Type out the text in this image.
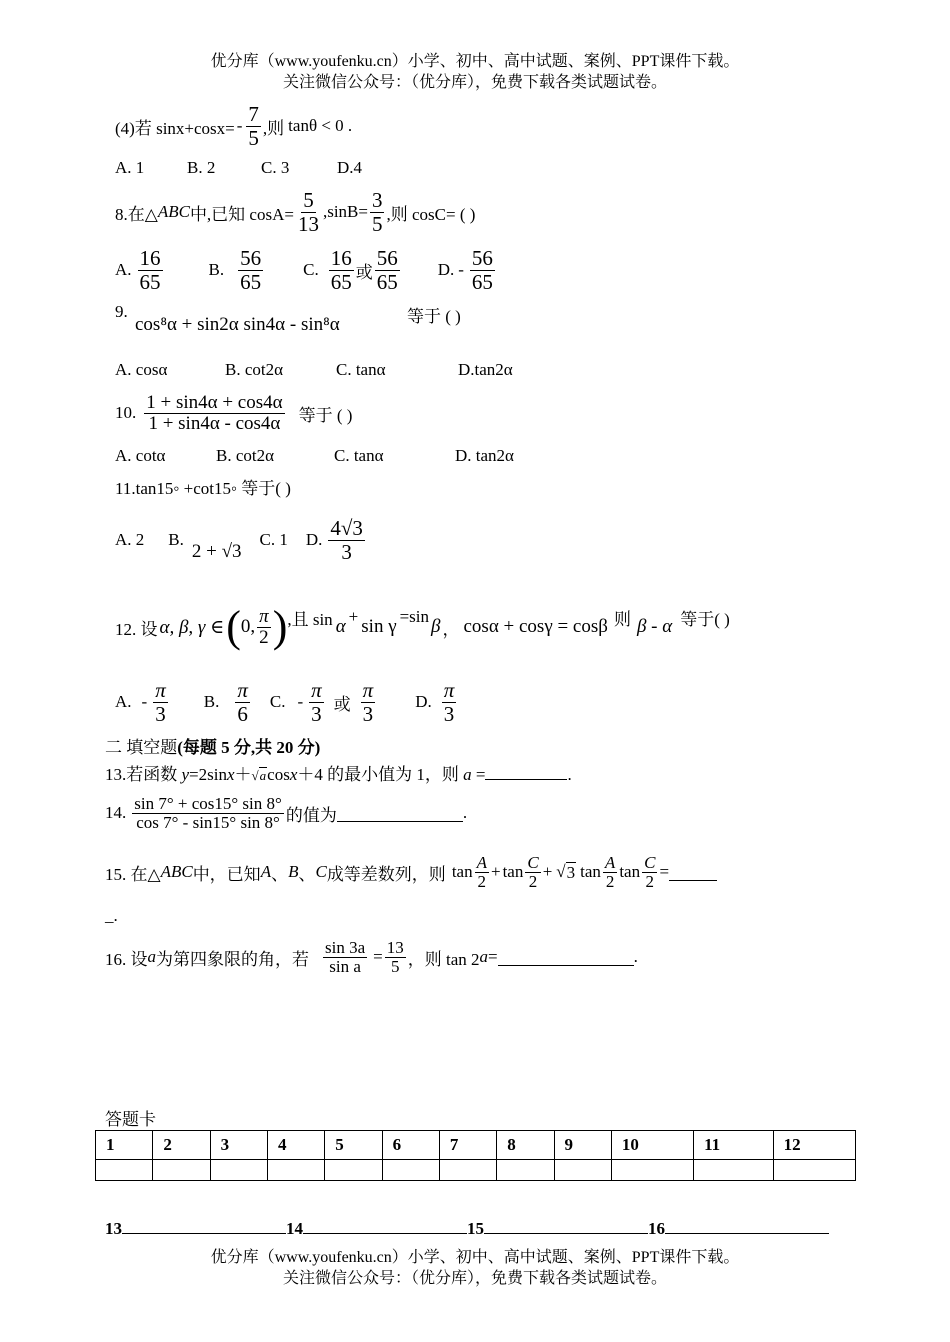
优分库（www.youfenku.cn）小学、初中、高中试题、案例、PPT课件下载。
关注微信公众号：（优分库），免费下载各类试题试卷。
(4)若 $\sin x+\cos x= - \frac{7}{5}$ ,则 tanθ < 0 .
A. 1	B. 2	C. 3	D.4
8.在△ ABC 中,已知 $\cos A= \frac{5}{13} ,\sin B= \frac{3}{5}$ ,则 cosC= ( )
A. $\frac{16}{65}$	B. $\frac{56}{65} C$. $\frac{16}{65}$ 或 $\frac{56}{65} D$. - $\frac{56}{65}$
9.
cos⁸α + sin2α sin4α - sin⁸α	等于 ( )
A. cosα	B. cot2α	C. tanα	D.tan2α
10. $\frac{1 + \sin 4\alpha + \cos 4\alpha}{1 + \sin 4\alpha - \cos 4\alpha}$ 等于 ( )
A. cotα	B. cot2α	C. tanα	D. tan2α
11.tan15◦ +cot15◦ 等于( )
A. 2 B.
2 + √3
C. 1 D. $\frac{4√3}{3}$
12. 设 α, β, γ ∈ ( 0, $\frac{\pi}{2}$ ) ,且 sin α + sin γ =sin β ， cosα + cosγ = cosβ 则 β - α 等于( )
A. - $\frac{\pi}{3} B$. $\frac{\pi}{6} C$. - $\frac{\pi}{3}$ 或 $\frac{\pi}{3} D$. $\frac{\pi}{3}$
二 填空题(每题 5 分,共 20 分)
13.若函数 y=2sinx＋√acosx＋4 的最小值为 1，则 a =	.
14. $\frac{\sin 7^\circ + \cos 15^\circ \sin 8^\circ}{\cos 7^\circ - \sin 15^\circ \sin 8^\circ}$ 的值为	.
15. 在△ ABC 中，已知 A 、 B 、 C 成等差数列，则 $\tan \frac{A}{2} + \tan \frac{C}{2}$ + √ 3 $\tan \frac{A}{2}$ $\tan \frac{C}{2}$ =
_.
16. 设 a 为第四象限的角，若 $\frac{\sin 3a}{\text{sin a}} = \frac{13}{5}$ ，则 tan 2 a =	.
答题卡
1	2	3	4	5	6	7	8	9	10	11	12

13	14	15	16
优分库（www.youfenku.cn）小学、初中、高中试题、案例、PPT课件下载。
关注微信公众号：（优分库），免费下载各类试题试卷。
